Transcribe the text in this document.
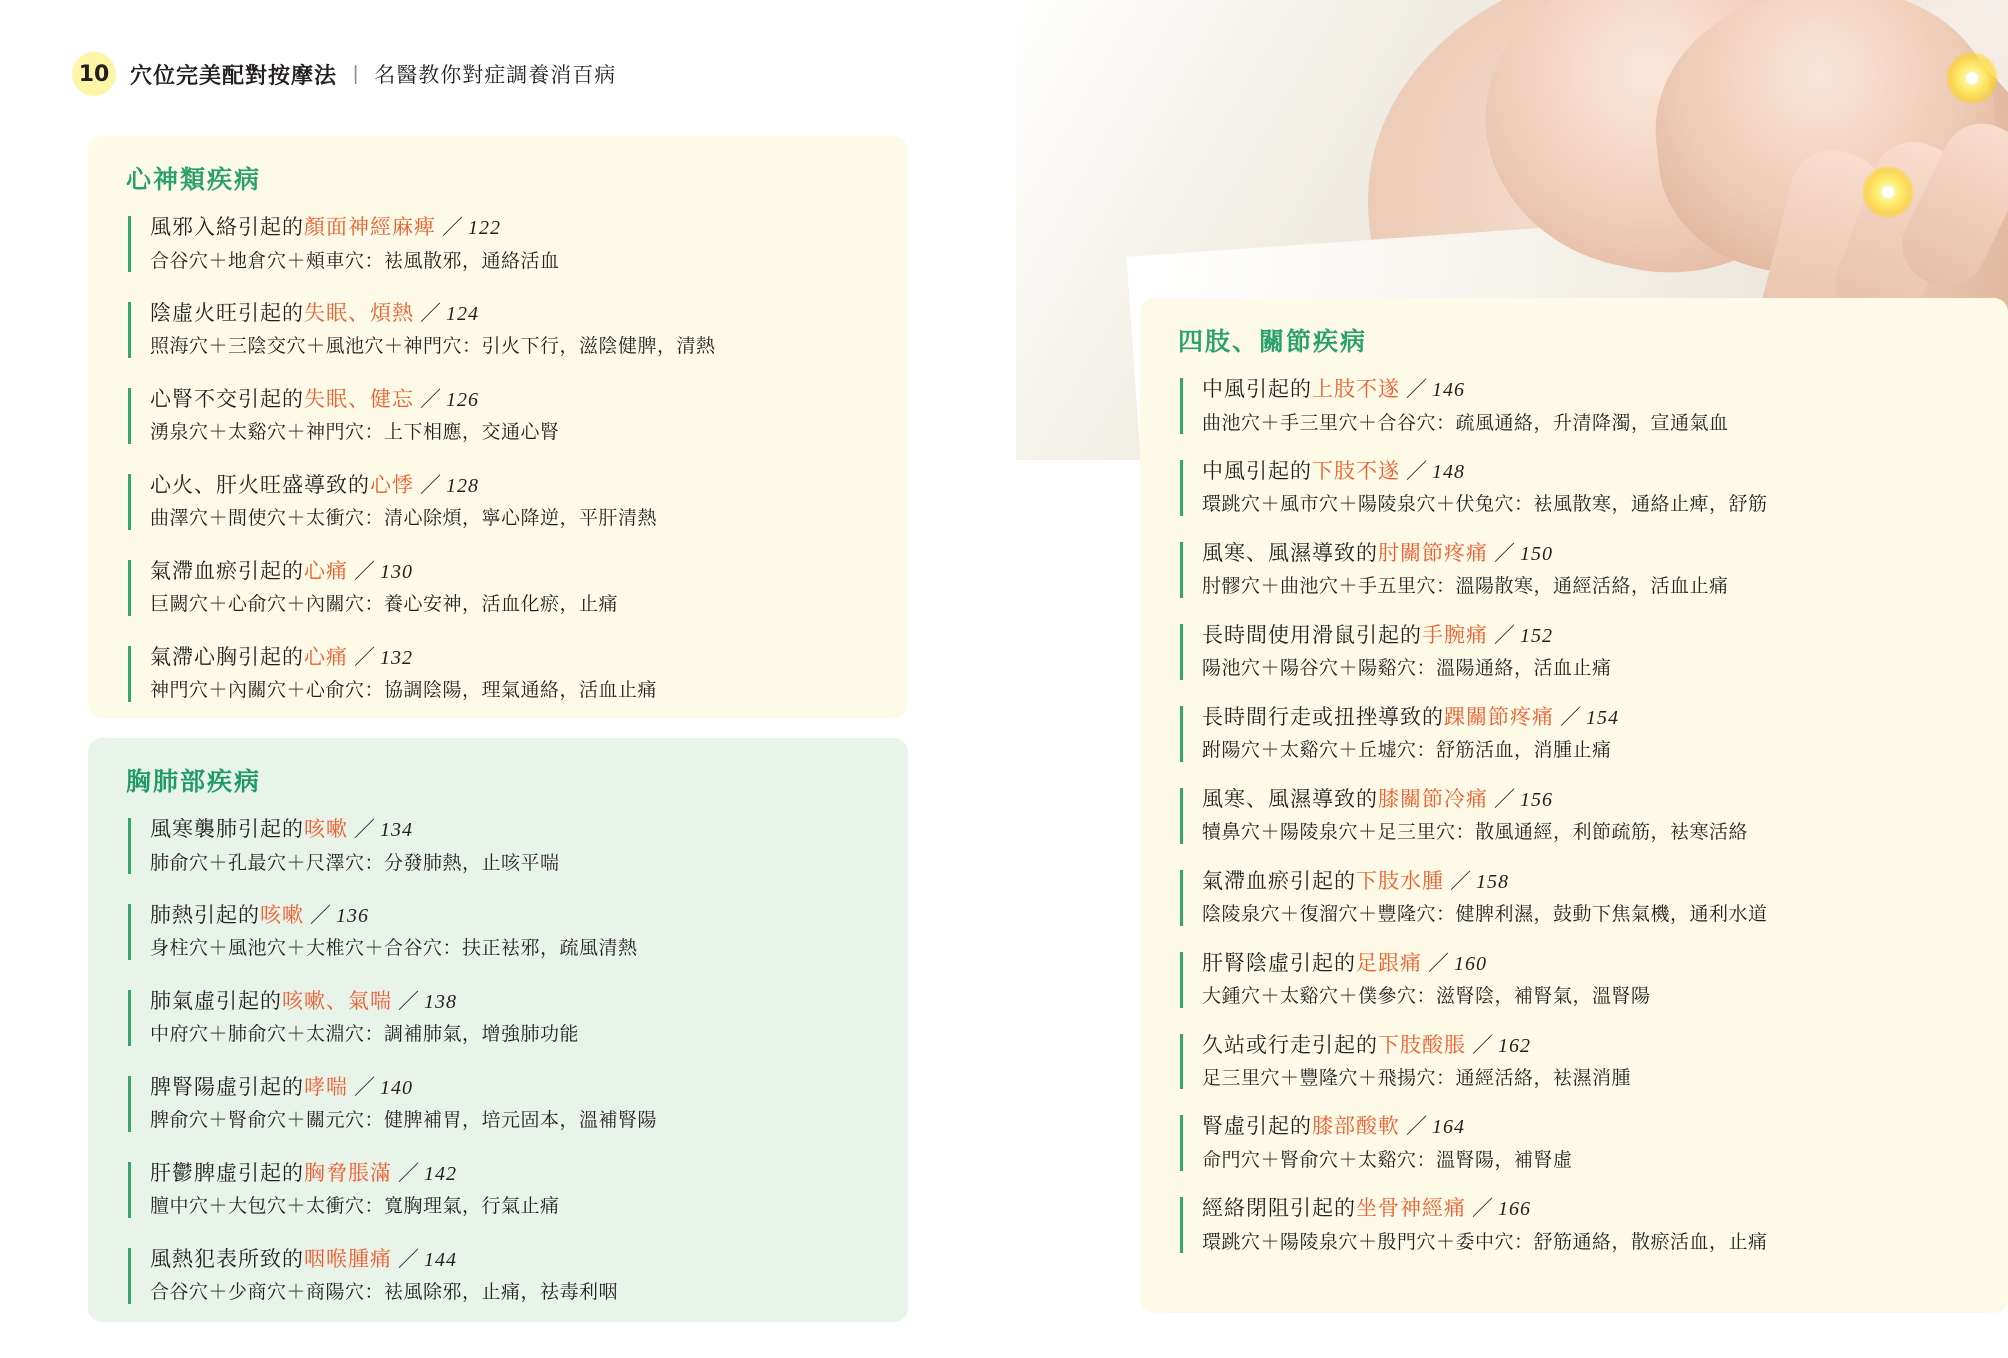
10 穴位完美配對按摩法 | 名醫教你對症調養消百病
心神類疾病
風邪入絡引起的顏面神經麻痺 ／ 122
合谷穴＋地倉穴＋頰車穴：袪風散邪，通絡活血
陰虛火旺引起的失眠、煩熱 ／ 124
照海穴＋三陰交穴＋風池穴＋神門穴：引火下行，滋陰健脾，清熱
心腎不交引起的失眠、健忘 ／ 126
湧泉穴＋太谿穴＋神門穴：上下相應，交通心腎
心火、肝火旺盛導致的心悸 ／ 128
曲澤穴＋間使穴＋太衝穴：清心除煩，寧心降逆，平肝清熱
氣滯血瘀引起的心痛 ／ 130
巨闕穴＋心俞穴＋內關穴：養心安神，活血化瘀，止痛
氣滯心胸引起的心痛 ／ 132
神門穴＋內關穴＋心俞穴：協調陰陽，理氣通絡，活血止痛
胸肺部疾病
風寒襲肺引起的咳嗽 ／ 134
肺俞穴＋孔最穴＋尺澤穴：分發肺熱，止咳平喘
肺熱引起的咳嗽 ／ 136
身柱穴＋風池穴＋大椎穴＋合谷穴：扶正袪邪，疏風清熱
肺氣虛引起的咳嗽、氣喘 ／ 138
中府穴＋肺俞穴＋太淵穴：調補肺氣，增強肺功能
脾腎陽虛引起的哮喘 ／ 140
脾俞穴＋腎俞穴＋關元穴：健脾補胃，培元固本，溫補腎陽
肝鬱脾虛引起的胸脅脹滿 ／ 142
膻中穴＋大包穴＋太衝穴：寬胸理氣，行氣止痛
風熱犯表所致的咽喉腫痛 ／ 144
合谷穴＋少商穴＋商陽穴：袪風除邪，止痛，祛毒利咽
四肢、關節疾病
中風引起的上肢不遂 ／ 146
曲池穴＋手三里穴＋合谷穴：疏風通絡，升清降濁，宣通氣血
中風引起的下肢不遂 ／ 148
環跳穴＋風市穴＋陽陵泉穴＋伏兔穴：袪風散寒，通絡止痺，舒筋
風寒、風濕導致的肘關節疼痛 ／ 150
肘髎穴＋曲池穴＋手五里穴：溫陽散寒，通經活絡，活血止痛
長時間使用滑鼠引起的手腕痛 ／ 152
陽池穴＋陽谷穴＋陽谿穴：溫陽通絡，活血止痛
長時間行走或扭挫導致的踝關節疼痛 ／ 154
跗陽穴＋太谿穴＋丘墟穴：舒筋活血，消腫止痛
風寒、風濕導致的膝關節冷痛 ／ 156
犢鼻穴＋陽陵泉穴＋足三里穴：散風通經，利節疏筋，袪寒活絡
氣滯血瘀引起的下肢水腫 ／ 158
陰陵泉穴＋復溜穴＋豐隆穴：健脾利濕，鼓動下焦氣機，通利水道
肝腎陰虛引起的足跟痛 ／ 160
大鍾穴＋太谿穴＋僕參穴：滋腎陰，補腎氣，溫腎陽
久站或行走引起的下肢酸脹 ／ 162
足三里穴＋豐隆穴＋飛揚穴：通經活絡，袪濕消腫
腎虛引起的膝部酸軟 ／ 164
命門穴＋腎俞穴＋太谿穴：溫腎陽，補腎虛
經絡閉阻引起的坐骨神經痛 ／ 166
環跳穴＋陽陵泉穴＋殷門穴＋委中穴：舒筋通絡，散瘀活血，止痛
